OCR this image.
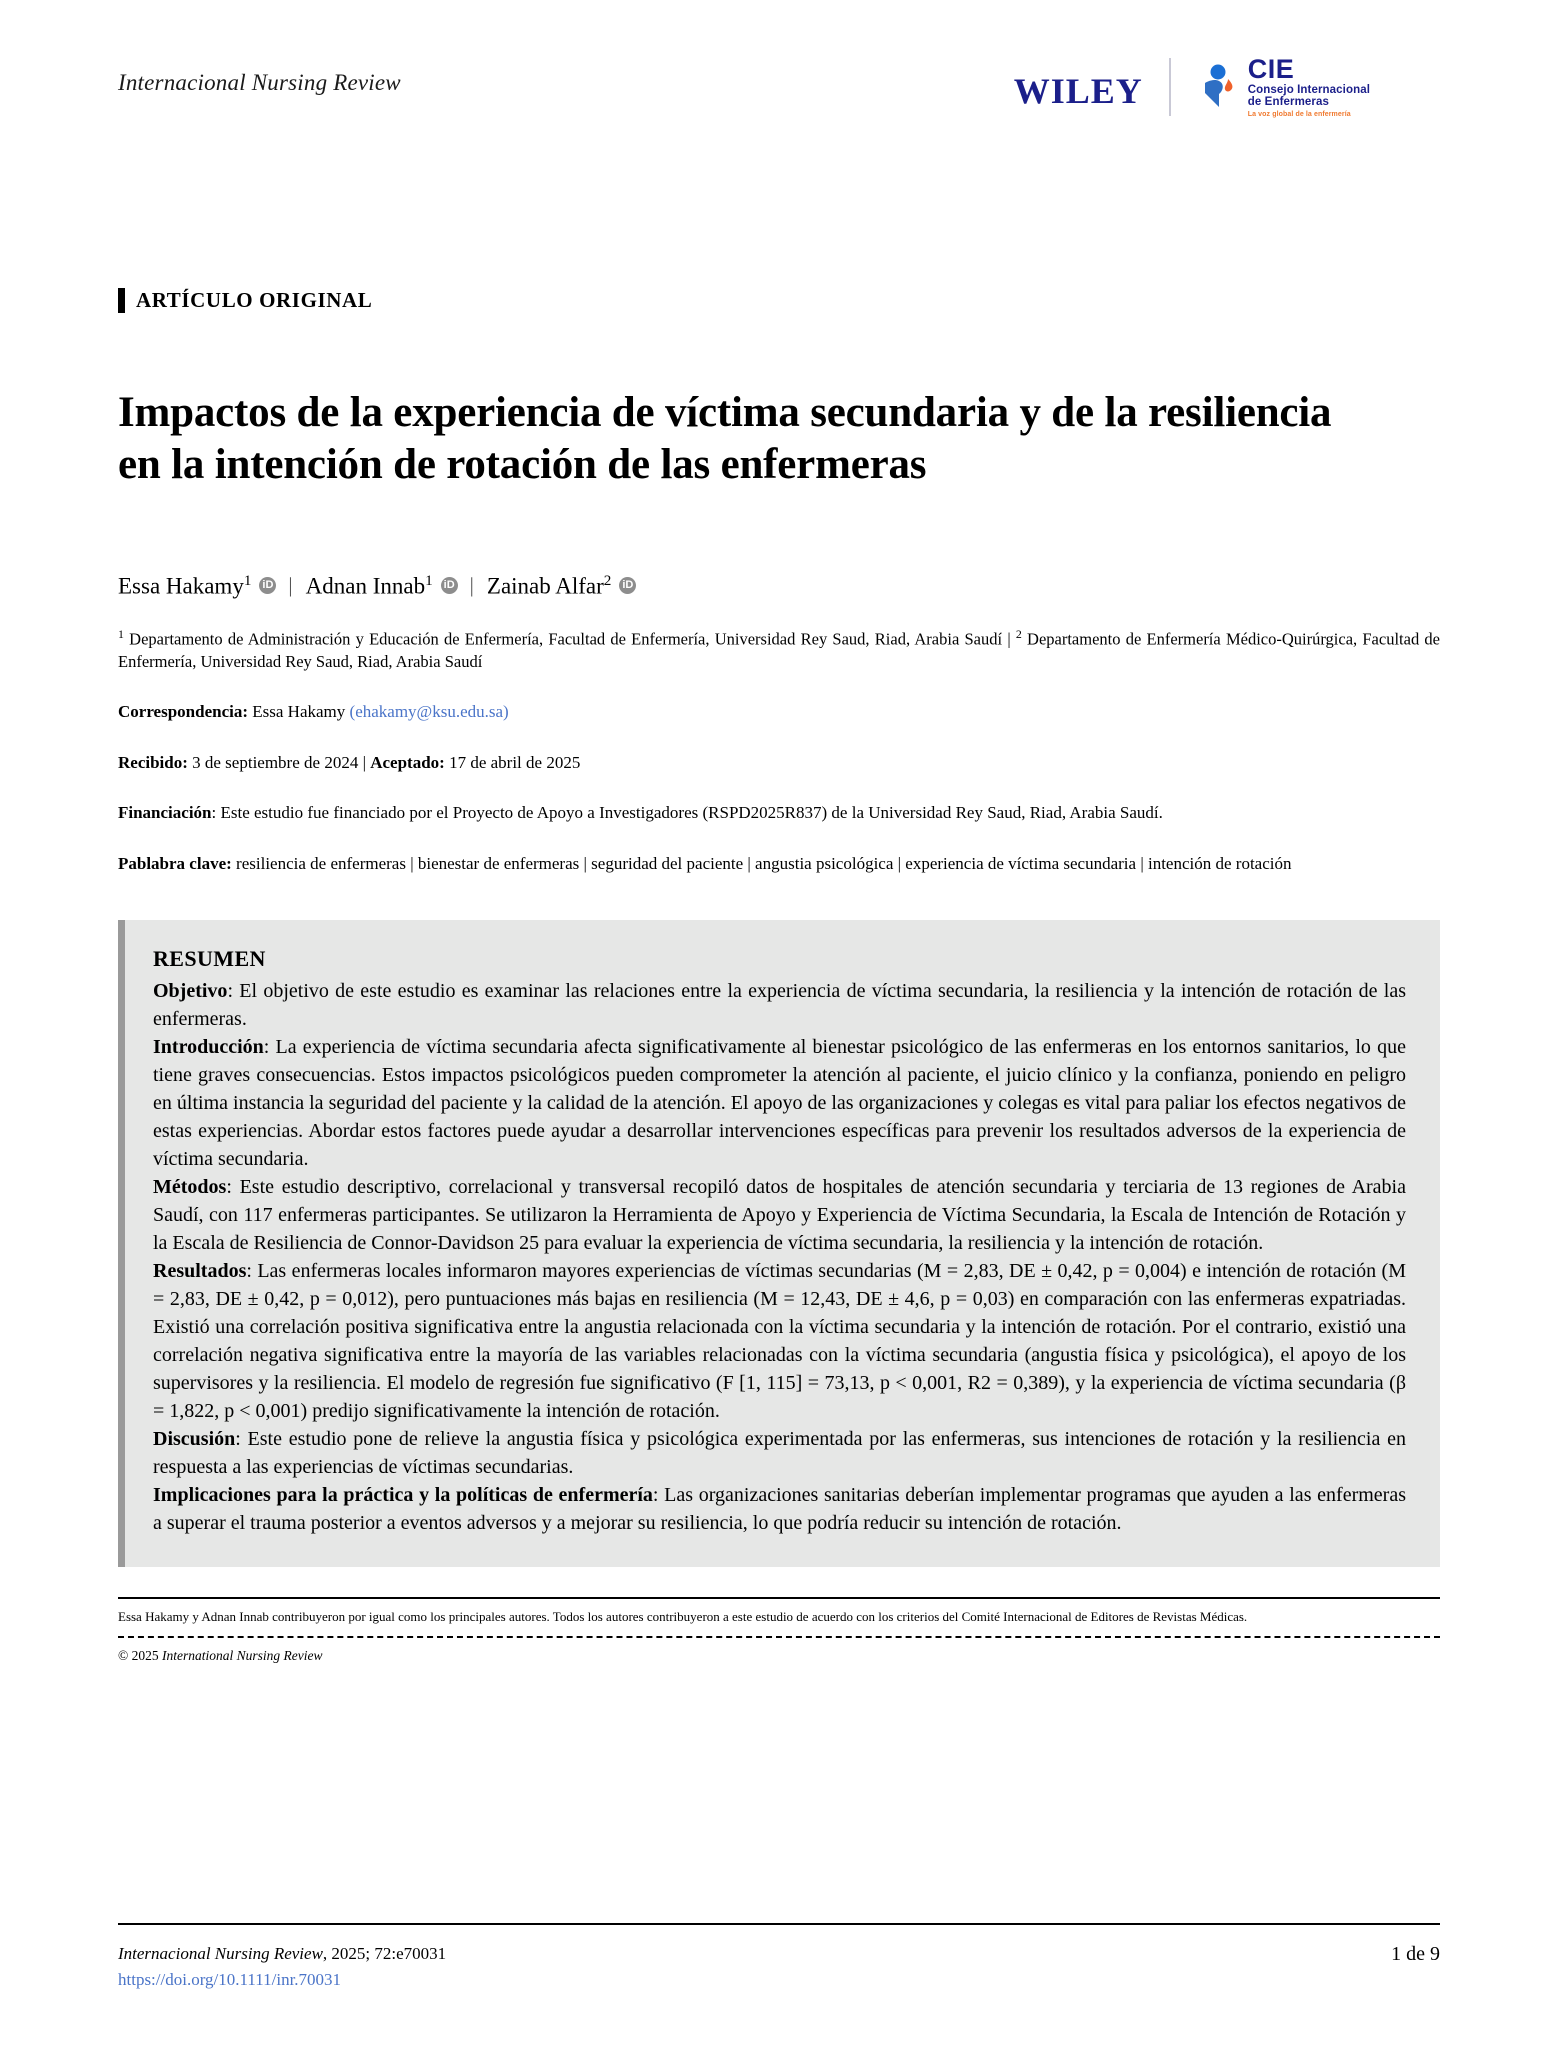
Internacional Nursing Review	wiley	CIE
Consejo Internacional
de Enfermeras
La voz global de la enfermería
ARTÍCULO ORIGINAL
Impactos de la experiencia de víctima secundaria y de la resiliencia en la intención de rotación de las enfermeras
Essa Hakamy$^1$ iD | Adnan Innab$^1$ iD | Zainab Alfar$^2$ iD
$^1$ Departamento de Administración y Educación de Enfermería, Facultad de Enfermería, Universidad Rey Saud, Riad, Arabia Saudí | $^2$ Departamento de Enfermería Médico-Quirúrgica, Facultad de Enfermería, Universidad Rey Saud, Riad, Arabia Saudí
Correspondencia: Essa Hakamy (ehakamy@ksu.edu.sa)
Recibido: 3 de septiembre de 2024 | Aceptado: 17 de abril de 2025
Financiación: Este estudio fue financiado por el Proyecto de Apoyo a Investigadores (RSPD2025R837) de la Universidad Rey Saud, Riad, Arabia Saudí.
Pablabra clave: resiliencia de enfermeras | bienestar de enfermeras | seguridad del paciente | angustia psicológica | experiencia de víctima secundaria | intención de rotación
RESUMEN

Objetivo: El objetivo de este estudio es examinar las relaciones entre la experiencia de víctima secundaria, la resiliencia y la intención de rotación de las enfermeras.

Introducción: La experiencia de víctima secundaria afecta significativamente al bienestar psicológico de las enfermeras en los entornos sanitarios, lo que tiene graves consecuencias. Estos impactos psicológicos pueden comprometer la atención al paciente, el juicio clínico y la confianza, poniendo en peligro en última instancia la seguridad del paciente y la calidad de la atención. El apoyo de las organizaciones y colegas es vital para paliar los efectos negativos de estas experiencias. Abordar estos factores puede ayudar a desarrollar intervenciones específicas para prevenir los resultados adversos de la experiencia de víctima secundaria.

Métodos: Este estudio descriptivo, correlacional y transversal recopiló datos de hospitales de atención secundaria y terciaria de 13 regiones de Arabia Saudí, con 117 enfermeras participantes. Se utilizaron la Herramienta de Apoyo y Experiencia de Víctima Secundaria, la Escala de Intención de Rotación y la Escala de Resiliencia de Connor-Davidson 25 para evaluar la experiencia de víctima secundaria, la resiliencia y la intención de rotación.

Resultados: Las enfermeras locales informaron mayores experiencias de víctimas secundarias (M = 2,83, DE ± 0,42, p = 0,004) e intención de rotación (M = 2,83, DE ± 0,42, p = 0,012), pero puntuaciones más bajas en resiliencia (M = 12,43, DE ± 4,6, p = 0,03) en comparación con las enfermeras expatriadas. Existió una correlación positiva significativa entre la angustia relacionada con la víctima secundaria y la intención de rotación. Por el contrario, existió una correlación negativa significativa entre la mayoría de las variables relacionadas con la víctima secundaria (angustia física y psicológica), el apoyo de los supervisores y la resiliencia. El modelo de regresión fue significativo (F [1, 115] = 73,13, p < 0,001, R2 = 0,389), y la experiencia de víctima secundaria (β = 1,822, p < 0,001) predijo significativamente la intención de rotación.

Discusión: Este estudio pone de relieve la angustia física y psicológica experimentada por las enfermeras, sus intenciones de rotación y la resiliencia en respuesta a las experiencias de víctimas secundarias.

Implicaciones para la práctica y la políticas de enfermería: Las organizaciones sanitarias deberían implementar programas que ayuden a las enfermeras a superar el trauma posterior a eventos adversos y a mejorar su resiliencia, lo que podría reducir su intención de rotación.

Essa Hakamy y Adnan Innab contribuyeron por igual como los principales autores. Todos los autores contribuyeron a este estudio de acuerdo con los criterios del Comité Internacional de Editores de Revistas Médicas.
© 2025 International Nursing Review
Internacional Nursing Review, 2025; 72:e70031
https://doi.org/10.1111/inr.70031
1 de 9
